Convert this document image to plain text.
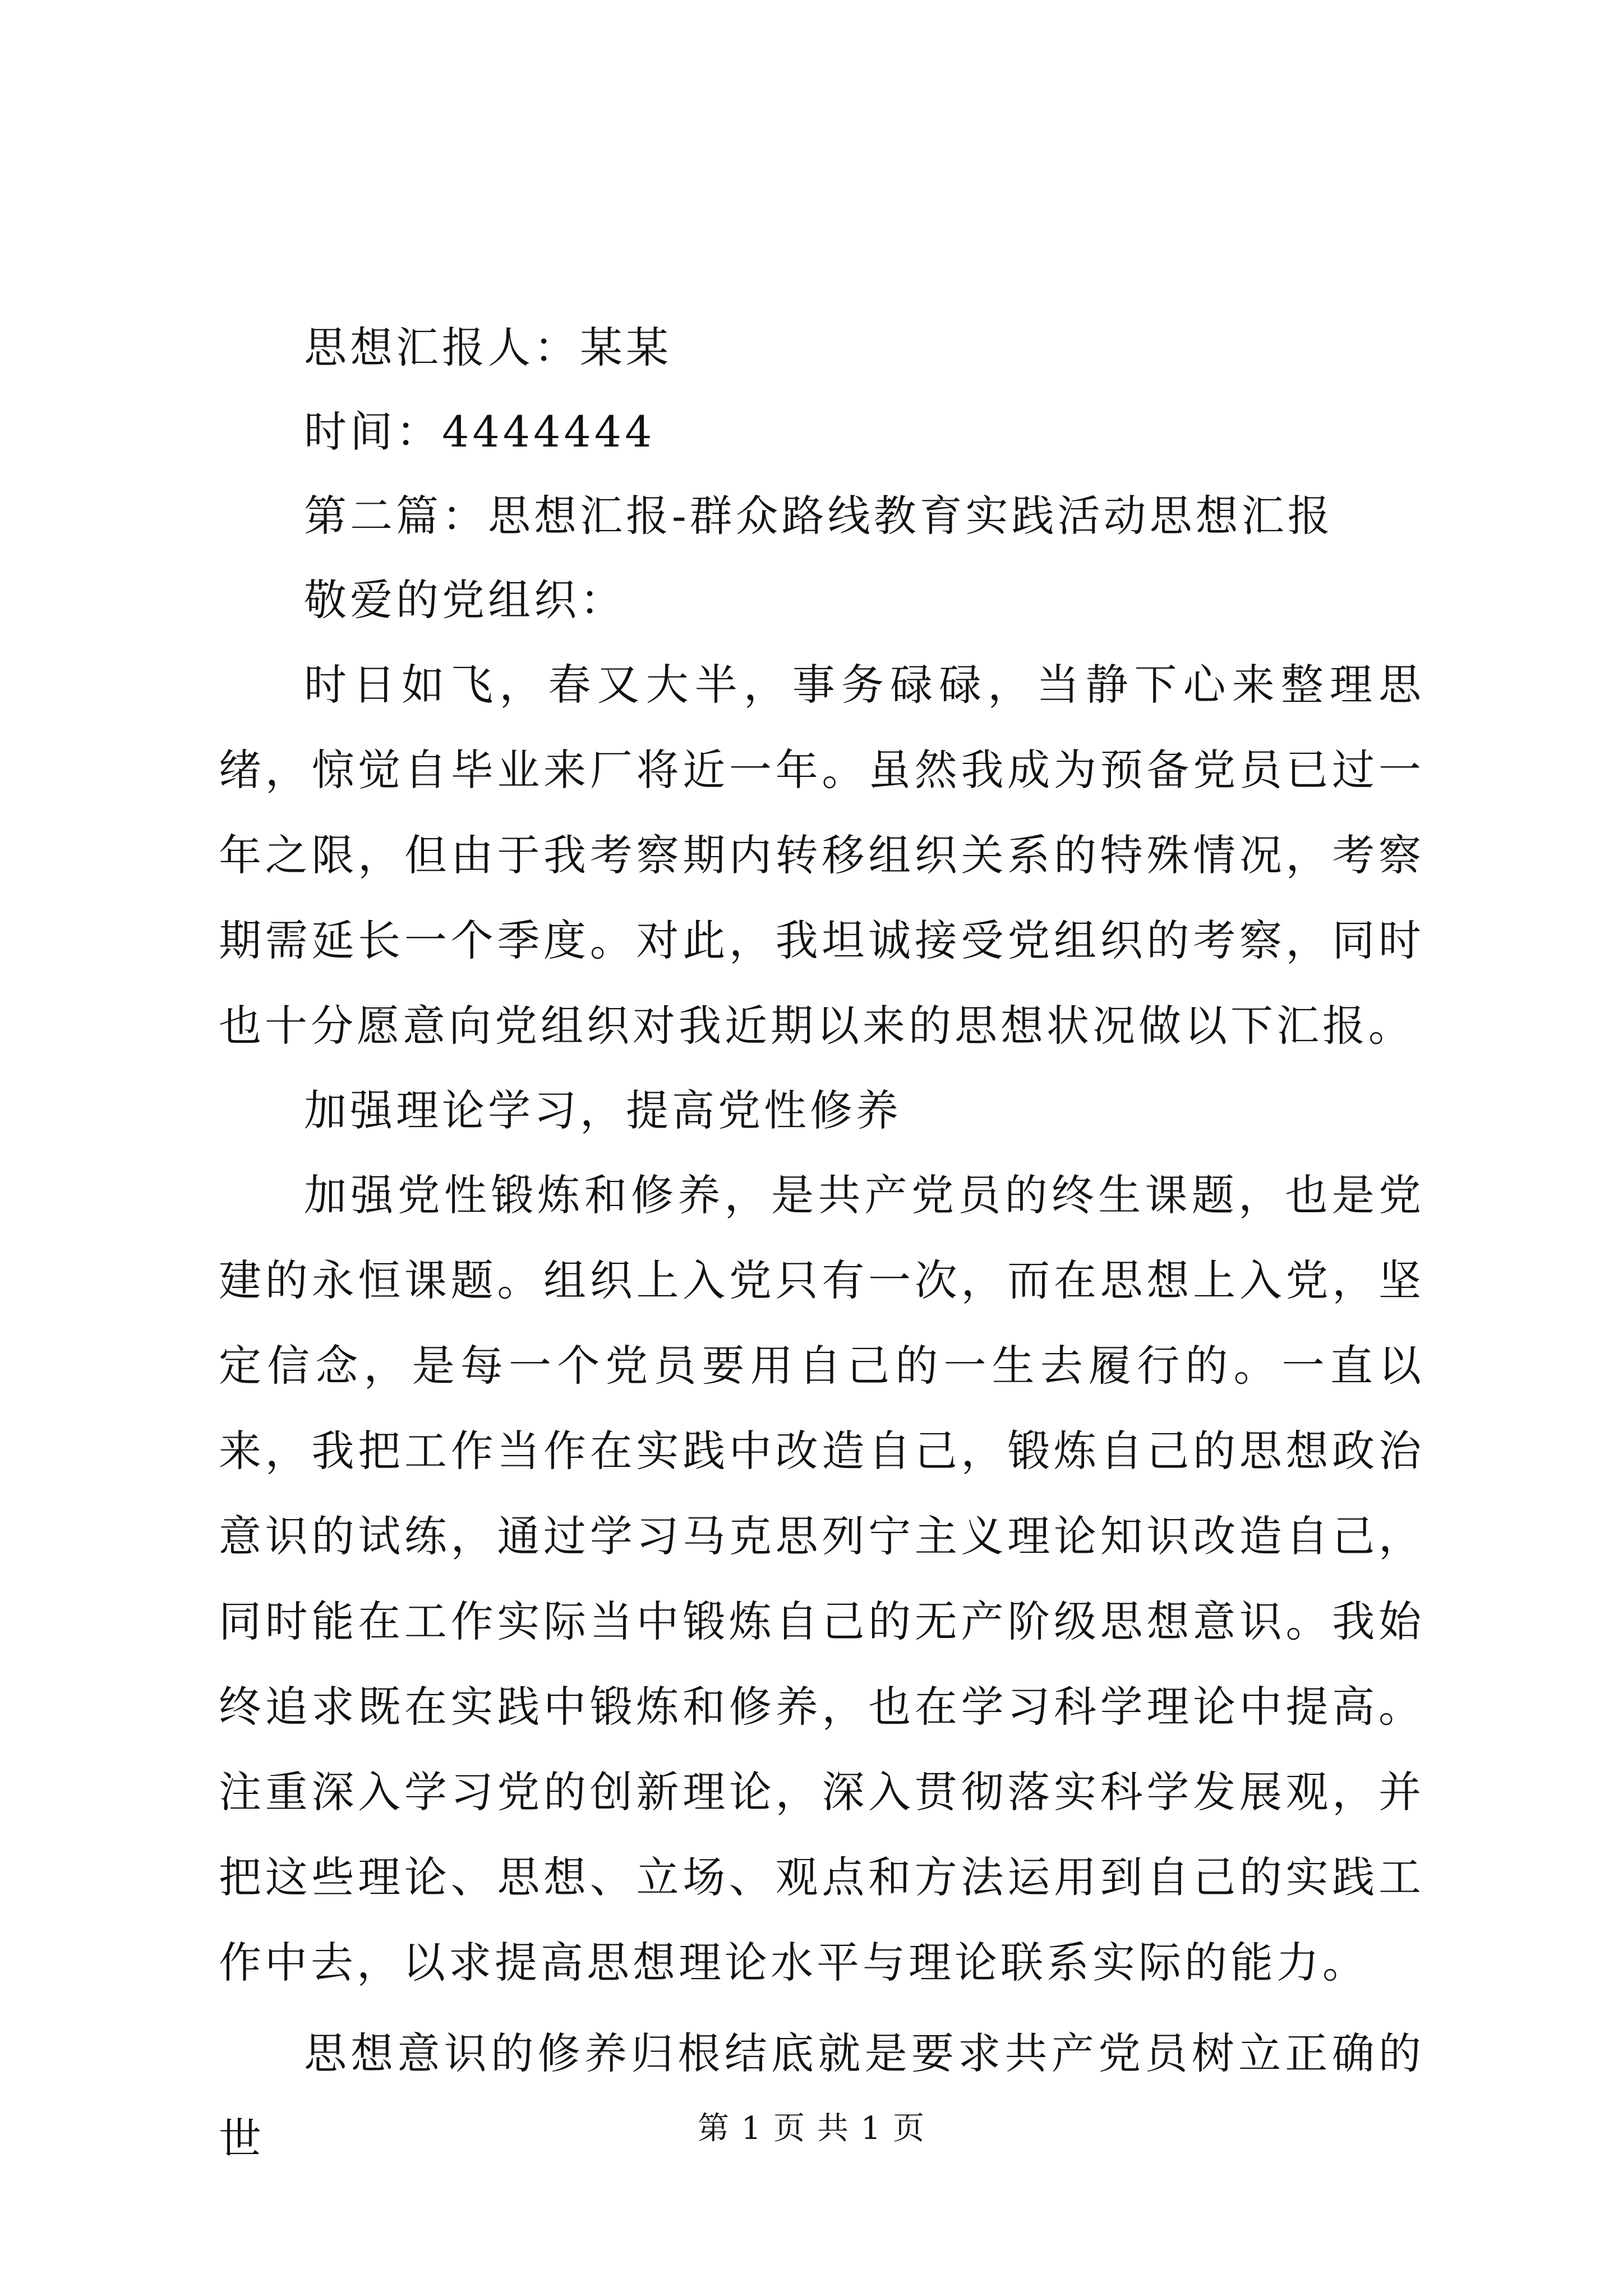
思想汇报人：某某
时间：4444444
第二篇：思想汇报-群众路线教育实践活动思想汇报
敬爱的党组织：

时日如飞，春又大半，事务碌碌，当静下心来整理思绪，惊觉自毕业来厂将近一年。虽然我成为预备党员已过一年之限，但由于我考察期内转移组织关系的特殊情况，考察期需延长一个季度。对此，我坦诚接受党组织的考察，同时也十分愿意向党组织对我近期以来的思想状况做以下汇报。

加强理论学习，提高党性修养

加强党性锻炼和修养，是共产党员的终生课题，也是党建的永恒课题。组织上入党只有一次，而在思想上入党，坚定信念，是每一个党员要用自己的一生去履行的。一直以来，我把工作当作在实践中改造自己，锻炼自己的思想政治意识的试练，通过学习马克思列宁主义理论知识改造自己，同时能在工作实际当中锻炼自己的无产阶级思想意识。我始终追求既在实践中锻炼和修养，也在学习科学理论中提高。注重深入学习党的创新理论，深入贯彻落实科学发展观，并把这些理论、思想、立场、观点和方法运用到自己的实践工作中去，以求提高思想理论水平与理论联系实际的能力。

思想意识的修养归根结底就是要求共产党员树立正确的世	第 1 页 共 1 页
